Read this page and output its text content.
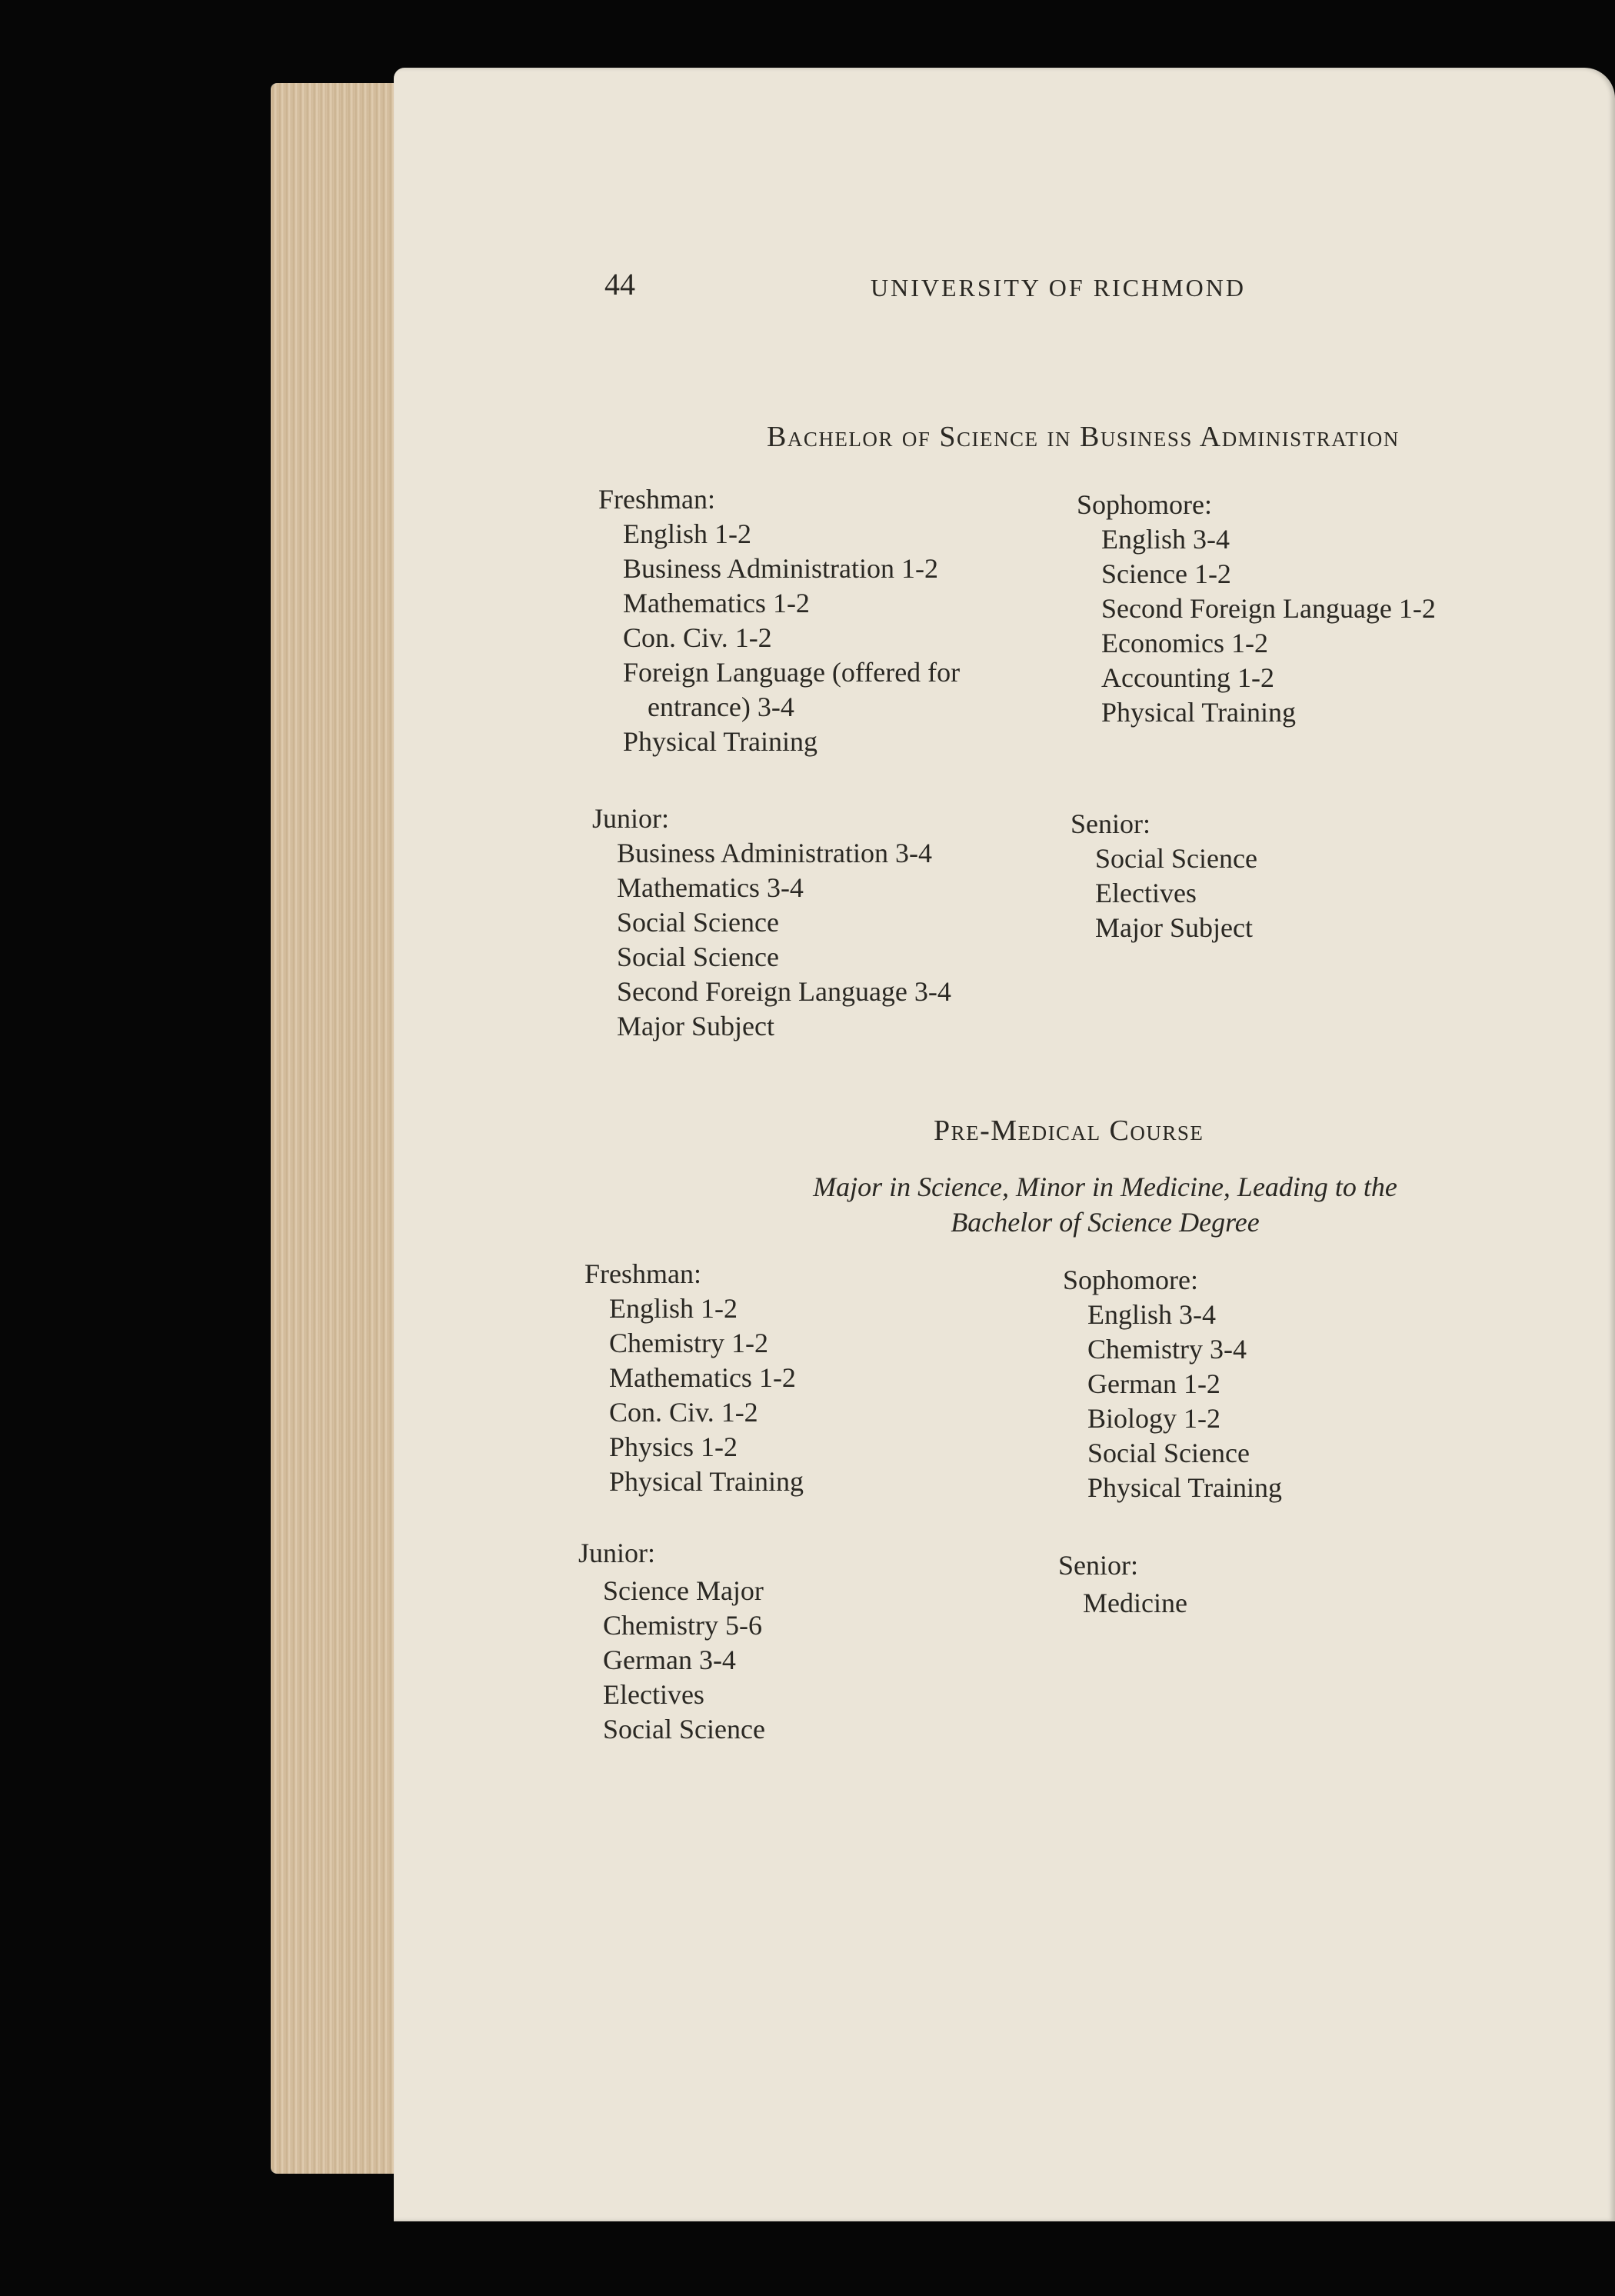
44	UNIVERSITY OF RICHMOND
Bachelor of Science in Business Administration
Freshman:
English 1-2
Business Administration 1-2
Mathematics 1-2
Con. Civ. 1-2
Foreign Language (offered for entrance) 3-4
Physical Training
Sophomore:
English 3-4
Science 1-2
Second Foreign Language 1-2
Economics 1-2
Accounting 1-2
Physical Training
Junior:
Business Administration 3-4
Mathematics 3-4
Social Science
Social Science
Second Foreign Language 3-4
Major Subject
Senior:
Social Science
Electives
Major Subject
Pre-Medical Course
Major in Science, Minor in Medicine, Leading to the
Bachelor of Science Degree
Freshman:
English 1-2
Chemistry 1-2
Mathematics 1-2
Con. Civ. 1-2
Physics 1-2
Physical Training
Sophomore:
English 3-4
Chemistry 3-4
German 1-2
Biology 1-2
Social Science
Physical Training
Junior:
Science Major
Chemistry 5-6
German 3-4
Electives
Social Science
Senior:
Medicine
